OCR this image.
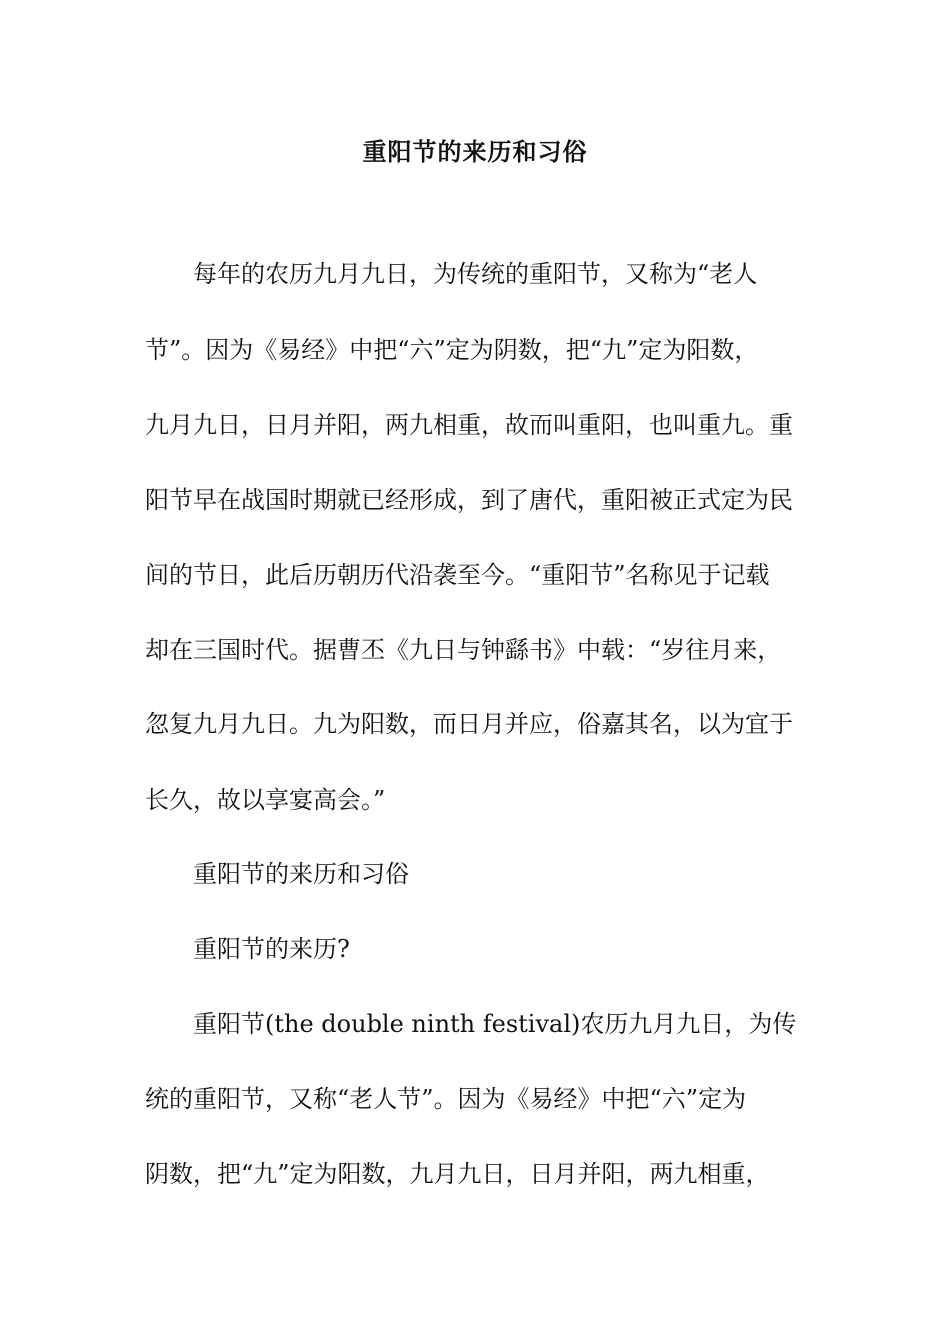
重阳节的来历和习俗
每年的农历九月九日，为传统的重阳节，又称为“老人
节”。因为《易经》中把“六”定为阴数，把“九”定为阳数，
九月九日，日月并阳，两九相重，故而叫重阳，也叫重九。重
阳节早在战国时期就已经形成，到了唐代，重阳被正式定为民
间的节日，此后历朝历代沿袭至今。“重阳节”名称见于记载
却在三国时代。据曹丕《九日与钟繇书》中载：“岁往月来，
忽复九月九日。九为阳数，而日月并应，俗嘉其名，以为宜于
长久，故以享宴高会。”
重阳节的来历和习俗
重阳节的来历?
重阳节(the double ninth festival)农历九月九日，为传
统的重阳节，又称“老人节”。因为《易经》中把“六”定为
阴数，把“九”定为阳数，九月九日，日月并阳，两九相重，
